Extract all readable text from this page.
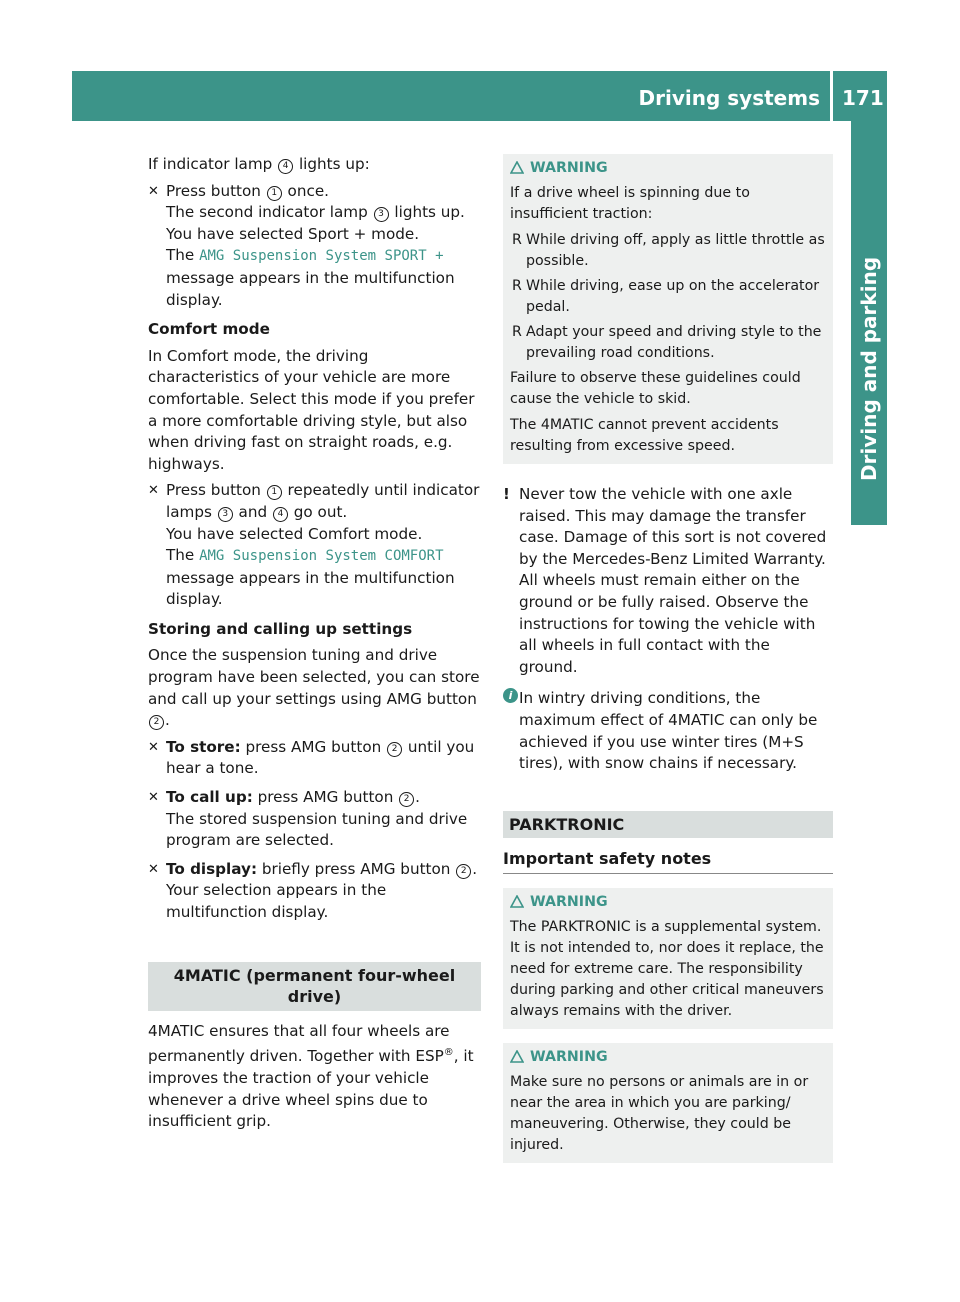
Driving systems 171
Driving and parking

If indicator lamp 4 lights up:

✕ Press button 1 once.
The second indicator lamp 3 lights up. You have selected Sport + mode.
The AMG Suspension System SPORT + message appears in the multifunction display.

Comfort mode

In Comfort mode, the driving characteristics of your vehicle are more comfortable. Select this mode if you prefer a more comfortable driving style, but also when driving fast on straight roads, e.g. highways.

✕ Press button 1 repeatedly until indicator lamps 3 and 4 go out.
You have selected Comfort mode.
The AMG Suspension System COMFORT message appears in the multifunction display.

Storing and calling up settings

Once the suspension tuning and drive program have been selected, you can store and call up your settings using AMG button 2 .

✕ To store: press AMG button 2 until you hear a tone.
✕ To call up: press AMG button 2 .
The stored suspension tuning and drive program are selected.
✕ To display: briefly press AMG button 2 .
Your selection appears in the multifunction display.
4MATIC (permanent four-wheel drive)

4MATIC ensures that all four wheels are permanently driven. Together with ESP®, it improves the traction of your vehicle whenever a drive wheel spins due to insufficient grip.

WARNING

If a drive wheel is spinning due to insufficient traction:

R While driving off, apply as little throttle as possible.
R While driving, ease up on the accelerator pedal.
R Adapt your speed and driving style to the prevailing road conditions.

Failure to observe these guidelines could cause the vehicle to skid.

The 4MATIC cannot prevent accidents resulting from excessive speed.

! Never tow the vehicle with one axle raised. This may damage the transfer case. Damage of this sort is not covered by the Mercedes-Benz Limited Warranty. All wheels must remain either on the ground or be fully raised. Observe the instructions for towing the vehicle with all wheels in full contact with the ground.
i In wintry driving conditions, the maximum effect of 4MATIC can only be achieved if you use winter tires (M+S tires), with snow chains if necessary.
PARKTRONIC
Important safety notes
WARNING

The PARKTRONIC is a supplemental system. It is not intended to, nor does it replace, the need for extreme care. The responsibility during parking and other critical maneuvers always remains with the driver.

WARNING

Make sure no persons or animals are in or near the area in which you are parking/ maneuvering. Otherwise, they could be injured.
